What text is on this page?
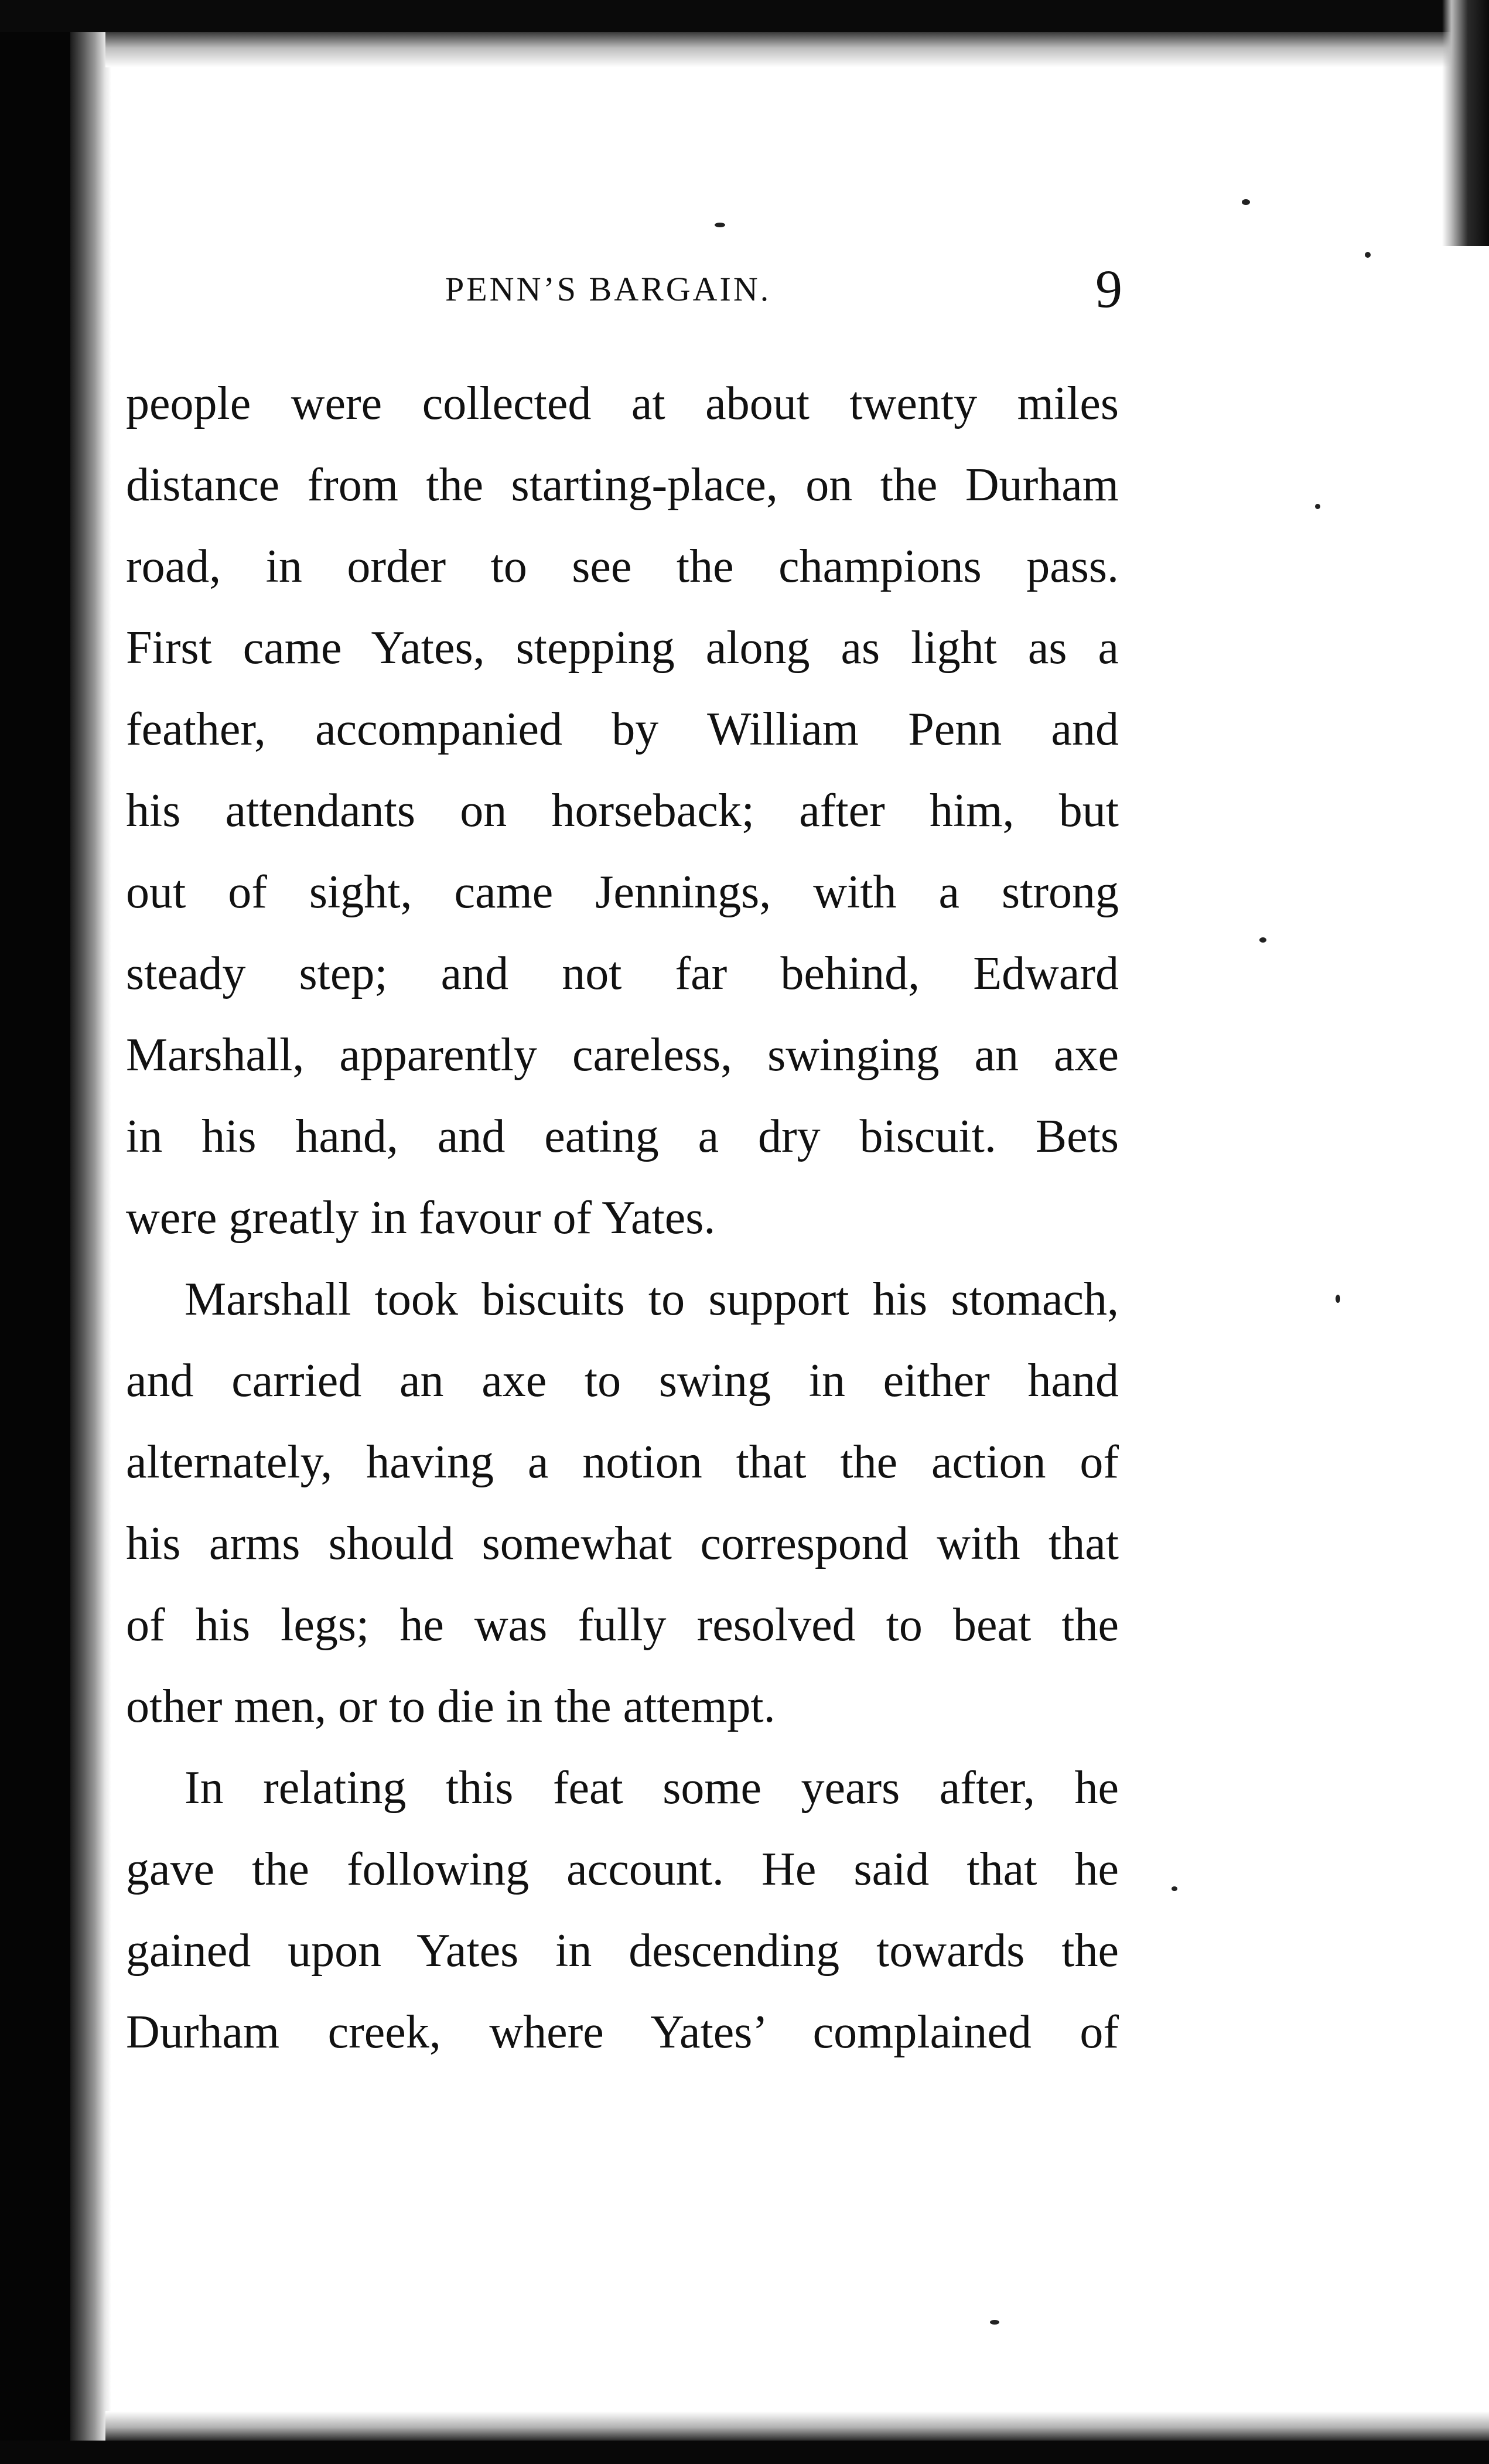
PENN’S BARGAIN.	9
people were collected at about twenty miles
distance from the starting-place, on the Durham
road, in order to see the champions pass.
First came Yates, stepping along as light as a
feather, accompanied by William Penn and
his attendants on horseback; after him, but
out of sight, came Jennings, with a strong
steady step; and not far behind, Edward
Marshall, apparently careless, swinging an axe
in his hand, and eating a dry biscuit. Bets
were greatly in favour of Yates.
Marshall took biscuits to support his stomach,
and carried an axe to swing in either hand
alternately, having a notion that the action of
his arms should somewhat correspond with that
of his legs; he was fully resolved to beat the
other men, or to die in the attempt.
In relating this feat some years after, he
gave the following account. He said that he
gained upon Yates in descending towards the
Durham creek, where Yates’ complained of
